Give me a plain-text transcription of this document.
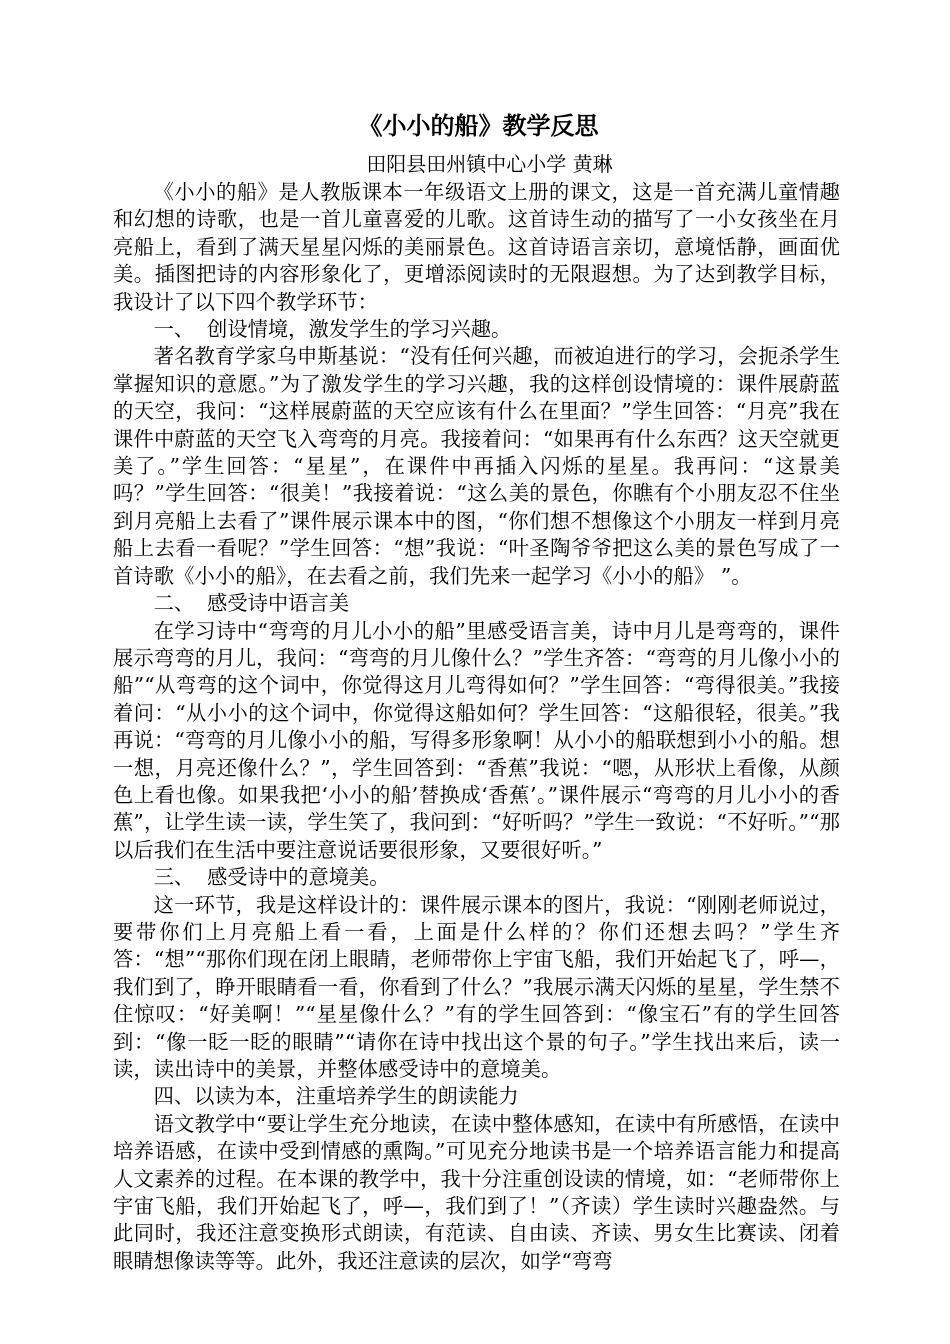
《小小的船》教学反思
田阳县田州镇中心小学 黄琳

《小小的船》是人教版课本一年级语文上册的课文，这是一首充满儿童情趣和幻想的诗歌，也是一首儿童喜爱的儿歌。这首诗生动的描写了一小女孩坐在月亮船上，看到了满天星星闪烁的美丽景色。这首诗语言亲切，意境恬静，画面优美。插图把诗的内容形象化了，更增添阅读时的无限遐想。为了达到教学目标，我设计了以下四个教学环节：

一、  创设情境，激发学生的学习兴趣。

著名教育学家乌申斯基说：“没有任何兴趣，而被迫进行的学习，会扼杀学生掌握知识的意愿。”为了激发学生的学习兴趣，我的这样创设情境的：课件展蔚蓝的天空，我问：“这样展蔚蓝的天空应该有什么在里面？”学生回答：“月亮”我在课件中蔚蓝的天空飞入弯弯的月亮。我接着问：“如果再有什么东西？这天空就更美了。”学生回答：“星星”，在课件中再插入闪烁的星星。我再问：“这景美吗？”学生回答：“很美！”我接着说：“这么美的景色，你瞧有个小朋友忍不住坐到月亮船上去看了”课件展示课本中的图，“你们想不想像这个小朋友一样到月亮船上去看一看呢？”学生回答：“想”我说：“叶圣陶爷爷把这么美的景色写成了一首诗歌《小小的船》，在去看之前，我们先来一起学习《小小的船》 ”。

二、  感受诗中语言美

在学习诗中“弯弯的月儿小小的船”里感受语言美，诗中月儿是弯弯的，课件展示弯弯的月儿，我问：“弯弯的月儿像什么？”学生齐答：“弯弯的月儿像小小的船”“从弯弯的这个词中，你觉得这月儿弯得如何？”学生回答：“弯得很美。”我接着问：“从小小的这个词中，你觉得这船如何？学生回答：“这船很轻，很美。”我再说：“弯弯的月儿像小小的船，写得多形象啊！从小小的船联想到小小的船。想一想，月亮还像什么？”，学生回答到：“香蕉”我说：“嗯，从形状上看像，从颜色上看也像。如果我把‘小小的船’替换成‘香蕉’。”课件展示“弯弯的月儿小小的香蕉”，让学生读一读，学生笑了，我问到：“好听吗？”学生一致说：“不好听。”“那以后我们在生活中要注意说话要很形象，又要很好听。”

三、  感受诗中的意境美。

这一环节，我是这样设计的：课件展示课本的图片，我说：“刚刚老师说过，要带你们上月亮船上看一看，上面是什么样的？你们还想去吗？”学生齐答：“想”“那你们现在闭上眼睛，老师带你上宇宙飞船，我们开始起飞了，呼—，我们到了，睁开眼睛看一看，你看到了什么？”我展示满天闪烁的星星，学生禁不住惊叹：“好美啊！”“星星像什么？”有的学生回答到：“像宝石”有的学生回答到：“像一眨一眨的眼睛”“请你在诗中找出这个景的句子。”学生找出来后，读一读，读出诗中的美景，并整体感受诗中的意境美。

四、以读为本，注重培养学生的朗读能力

语文教学中“要让学生充分地读，在读中整体感知，在读中有所感悟，在读中培养语感，在读中受到情感的熏陶。”可见充分地读书是一个培养语言能力和提高人文素养的过程。在本课的教学中，我十分注重创设读的情境，如：“老师带你上宇宙飞船，我们开始起飞了，呼—，我们到了！”（齐读）学生读时兴趣盎然。与此同时，我还注意变换形式朗读，有范读、自由读、齐读、男女生比赛读、闭着眼睛想像读等等。此外，我还注意读的层次，如学“弯弯
